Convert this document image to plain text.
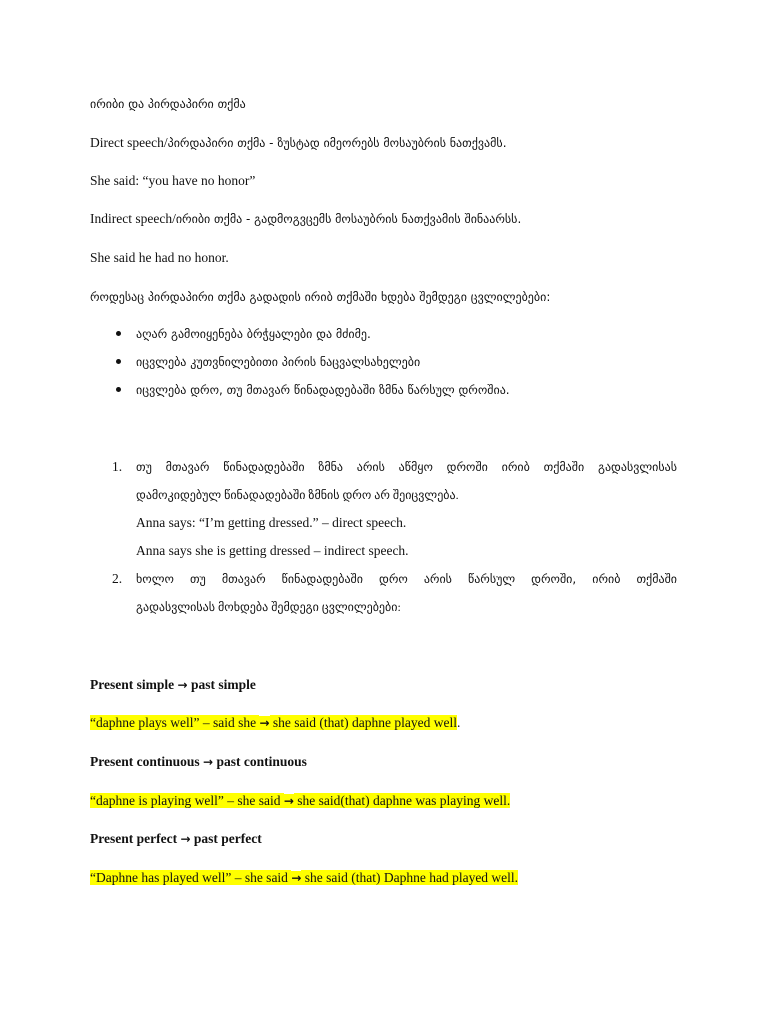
ირიბი და პირდაპირი თქმა
Direct speech/პირდაპირი თქმა - ზუსტად იმეორებს მოსაუბრის ნათქვამს.
She said: “you have no honor”
Indirect speech/ირიბი თქმა - გადმოგვცემს მოსაუბრის ნათქვამის შინაარსს.
She said he had no honor.
როდესაც პირდაპირი თქმა გადადის ირიბ თქმაში ხდება შემდეგი ცვლილებები:
აღარ გამოიყენება ბრჭყალები და მძიმე.
იცვლება კუთვნილებითი პირის ნაცვალსახელები
იცვლება დრო, თუ მთავარ წინადადებაში ზმნა წარსულ დროშია.
1. თუ მთავარ წინადადებაში ზმნა არის აწმყო დროში ირიბ თქმაში გადასვლისას
დამოკიდებულ წინადადებაში ზმნის დრო არ შეიცვლება.
Anna says: “I’m getting dressed.” – direct speech.
Anna says she is getting dressed – indirect speech.
2. ხოლო თუ მთავარ წინადადებაში დრო არის წარსულ დროში, ირიბ თქმაში
გადასვლისას მოხდება შემდეგი ცვლილებები:
Present simple → past simple
“daphne plays well” – said she → she said (that) daphne played well.
Present continuous → past continuous
“daphne is playing well” – she said → she said(that) daphne was playing well.
Present perfect → past perfect
“Daphne has played well” – she said → she said (that) Daphne had played well.
